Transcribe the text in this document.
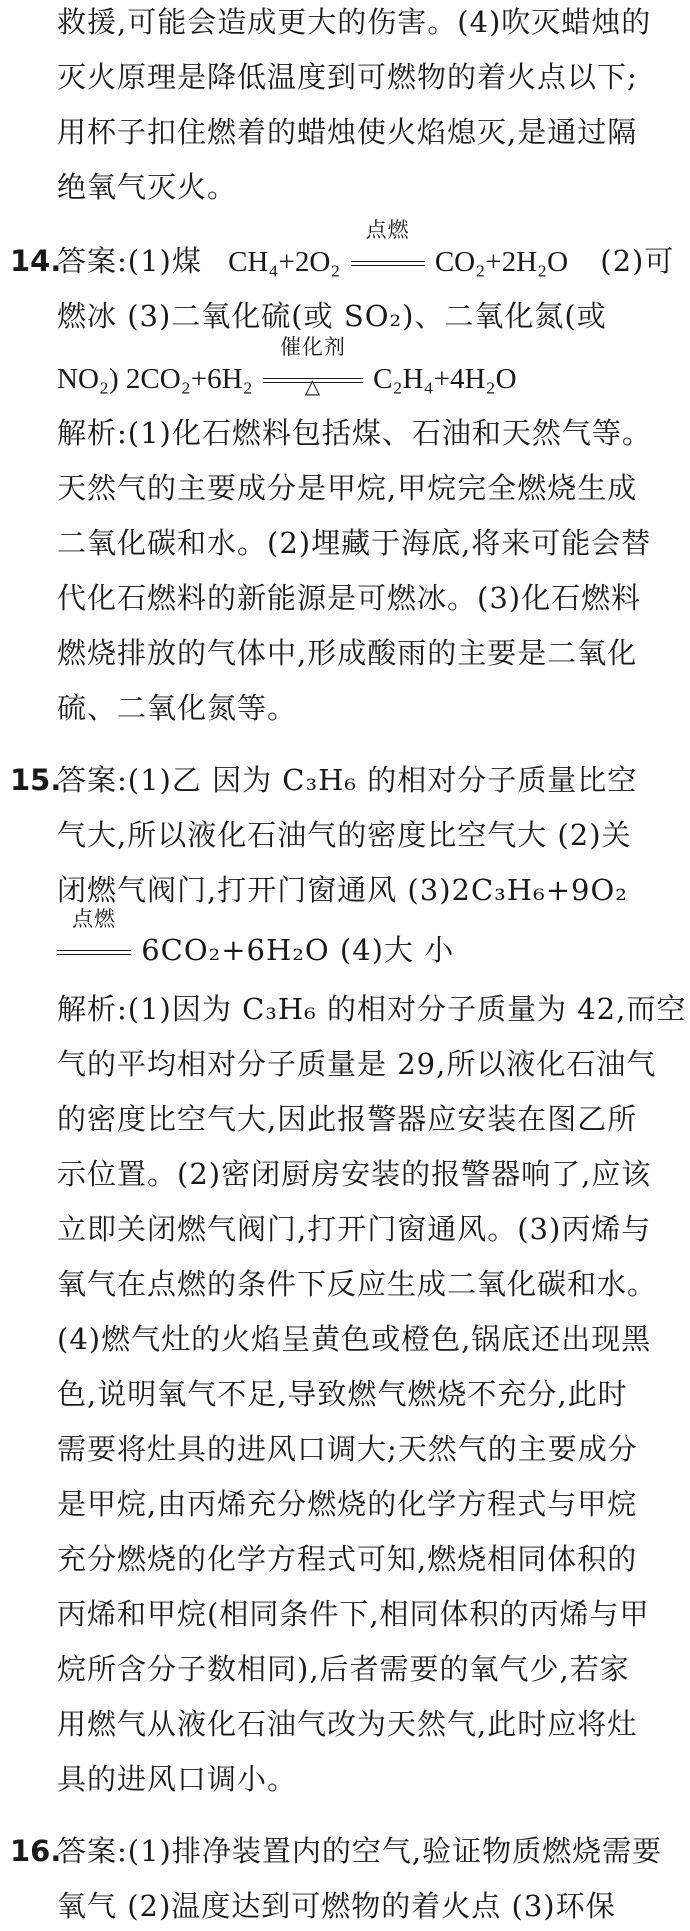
救援,可能会造成更大的伤害。(4)吹灭蜡烛的
灭火原理是降低温度到可燃物的着火点以下;
用杯子扣住燃着的蜡烛使火焰熄灭,是通过隔
绝氧气灭火。
14.
答案:(1)煤 CH₄+2O₂
点燃
CO₂+2H₂O (2)可
燃冰 (3)二氧化硫(或 SO₂)、二氧化氮(或
NO₂) 2CO₂+6H₂
催化剂
△	C₂H₄+4H₂O
解析:(1)化石燃料包括煤、石油和天然气等。
天然气的主要成分是甲烷,甲烷完全燃烧生成
二氧化碳和水。(2)埋藏于海底,将来可能会替
代化石燃料的新能源是可燃冰。(3)化石燃料
燃烧排放的气体中,形成酸雨的主要是二氧化
硫、二氧化氮等。
15.
答案:(1)乙 因为 C₃H₆ 的相对分子质量比空
气大,所以液化石油气的密度比空气大 (2)关
闭燃气阀门,打开门窗通风 (3)2C₃H₆+9O₂
点燃
6CO₂+6H₂O (4)大 小
解析:(1)因为 C₃H₆ 的相对分子质量为 42,而空
气的平均相对分子质量是 29,所以液化石油气
的密度比空气大,因此报警器应安装在图乙所
示位置。(2)密闭厨房安装的报警器响了,应该
立即关闭燃气阀门,打开门窗通风。(3)丙烯与
氧气在点燃的条件下反应生成二氧化碳和水。
(4)燃气灶的火焰呈黄色或橙色,锅底还出现黑
色,说明氧气不足,导致燃气燃烧不充分,此时
需要将灶具的进风口调大;天然气的主要成分
是甲烷,由丙烯充分燃烧的化学方程式与甲烷
充分燃烧的化学方程式可知,燃烧相同体积的
丙烯和甲烷(相同条件下,相同体积的丙烯与甲
烷所含分子数相同),后者需要的氧气少,若家
用燃气从液化石油气改为天然气,此时应将灶
具的进风口调小。
16.
答案:(1)排净装置内的空气,验证物质燃烧需要
氧气 (2)温度达到可燃物的着火点 (3)环保
